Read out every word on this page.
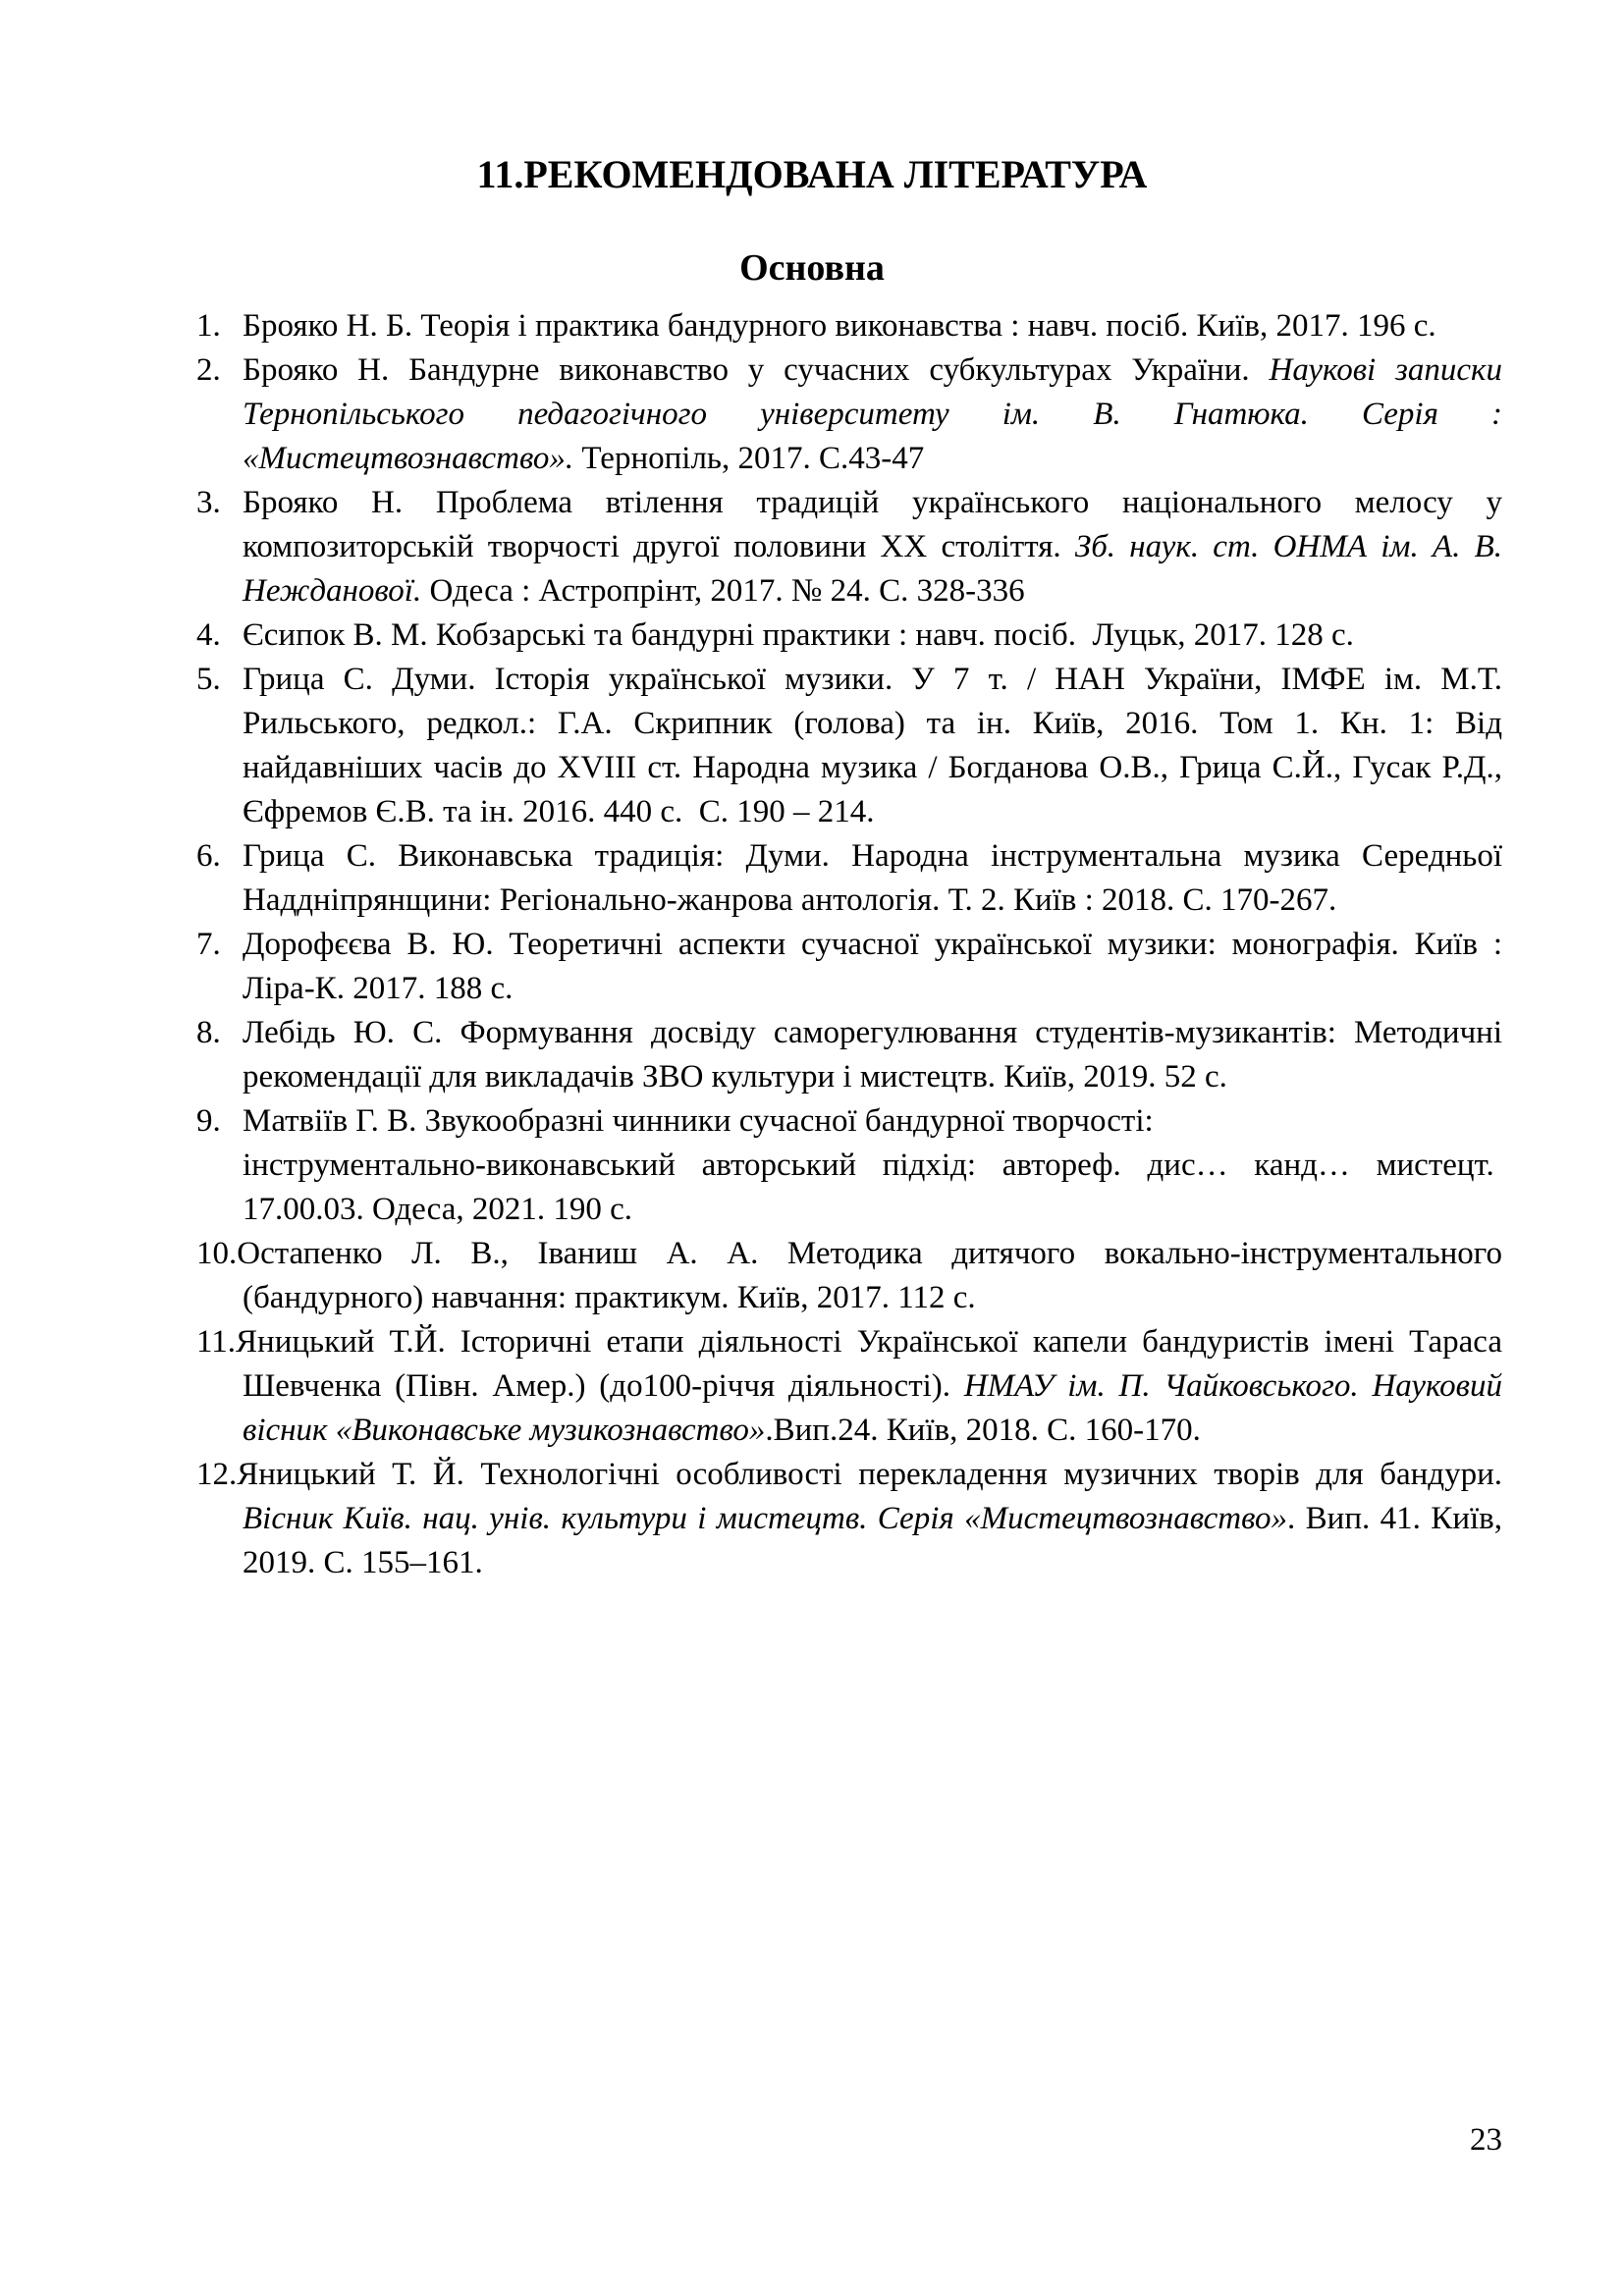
11.РЕКОМЕНДОВАНА ЛІТЕРАТУРА
Основна
1. Брояко Н. Б. Теорія і практика бандурного виконавства : навч. посіб. Київ, 2017. 196 с.
2. Брояко Н. Бандурне виконавство у сучасних субкультурах України. Наукові записки Тернопільського педагогічного університету ім. В. Гнатюка. Серія : «Мистецтвознавство». Тернопіль, 2017. С.43-47
3. Брояко Н. Проблема втілення традицій українського національного мелосу у композиторській творчості другої половини ХХ століття. Зб. наук. ст. ОНМА ім. А. В. Нежданової. Одеса : Астропрінт, 2017. № 24. С. 328-336
4. Єсипок В. М. Кобзарські та бандурні практики : навч. посіб.  Луцьк, 2017. 128 с.
5. Грица С. Думи. Історія української музики. У 7 т. / НАН України, ІМФЕ ім. М.Т. Рильського, редкол.: Г.А. Скрипник (голова) та ін. Київ, 2016. Том 1. Кн. 1: Від найдавніших часів до XVIII ст. Народна музика / Богданова О.В., Грица С.Й., Гусак Р.Д., Єфремов Є.В. та ін. 2016. 440 с.  С. 190 – 214.
6. Грица С. Виконавська традиція: Думи. Народна інструментальна музика Середньої Наддніпрянщини: Регіонально-жанрова антологія. Т. 2. Київ : 2018. С. 170-267.
7. Дорофєєва В. Ю. Теоретичні аспекти сучасної української музики: монографія. Київ : Ліра-К. 2017. 188 с.
8. Лебідь Ю. С. Формування досвіду саморегулювання студентів-музикантів: Методичні рекомендації для викладачів ЗВО культури і мистецтв. Київ, 2019. 52 с.
9. Матвіїв Г. В. Звукообразні чинники сучасної бандурної творчості:
інструментально-виконавський авторський підхід: автореф. дис… канд… мистецт.  17.00.03. Одеса, 2021. 190 с.
10.Остапенко Л. В., Іваниш А. А. Методика дитячого вокально-інструментального (бандурного) навчання: практикум. Київ, 2017. 112 с.
11.Яницький Т.Й. Історичні етапи діяльності Української капели бандуристів імені Тараса Шевченка (Півн. Амер.) (до100-річчя діяльності). НМАУ ім. П. Чайковського. Науковий вісник «Виконавське музикознавство».Вип.24. Київ, 2018. С. 160-170.
12.Яницький Т. Й. Технологічні особливості перекладення музичних творів для бандури. Вісник Київ. нац. унів. культури і мистецтв. Серія «Мистецтвознавство». Вип. 41. Київ, 2019. С. 155–161.
23
